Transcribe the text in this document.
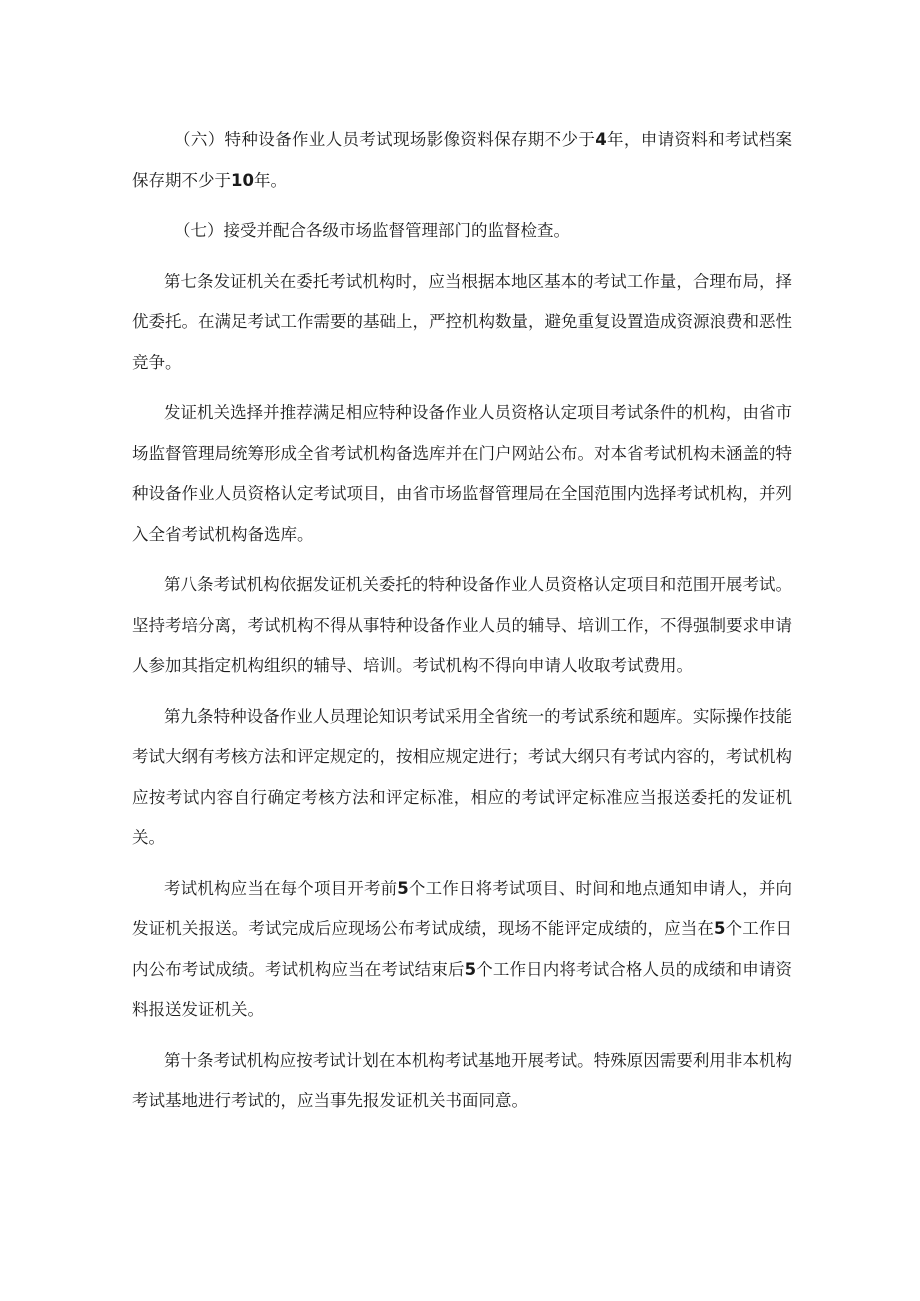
（六）特种设备作业人员考试现场影像资料保存期不少于4年，申请资料和考试档案保存期不少于10年。

（七）接受并配合各级市场监督管理部门的监督检查。

第七条发证机关在委托考试机构时，应当根据本地区基本的考试工作量，合理布局，择优委托。在满足考试工作需要的基础上，严控机构数量，避免重复设置造成资源浪费和恶性竞争。

发证机关选择并推荐满足相应特种设备作业人员资格认定项目考试条件的机构，由省市场监督管理局统筹形成全省考试机构备选库并在门户网站公布。对本省考试机构未涵盖的特种设备作业人员资格认定考试项目，由省市场监督管理局在全国范围内选择考试机构，并列入全省考试机构备选库。

第八条考试机构依据发证机关委托的特种设备作业人员资格认定项目和范围开展考试。坚持考培分离，考试机构不得从事特种设备作业人员的辅导、培训工作，不得强制要求申请人参加其指定机构组织的辅导、培训。考试机构不得向申请人收取考试费用。

第九条特种设备作业人员理论知识考试采用全省统一的考试系统和题库。实际操作技能考试大纲有考核方法和评定规定的，按相应规定进行；考试大纲只有考试内容的，考试机构应按考试内容自行确定考核方法和评定标准，相应的考试评定标准应当报送委托的发证机关。

考试机构应当在每个项目开考前5个工作日将考试项目、时间和地点通知申请人，并向发证机关报送。考试完成后应现场公布考试成绩，现场不能评定成绩的，应当在5个工作日内公布考试成绩。考试机构应当在考试结束后5个工作日内将考试合格人员的成绩和申请资料报送发证机关。

第十条考试机构应按考试计划在本机构考试基地开展考试。特殊原因需要利用非本机构考试基地进行考试的，应当事先报发证机关书面同意。
